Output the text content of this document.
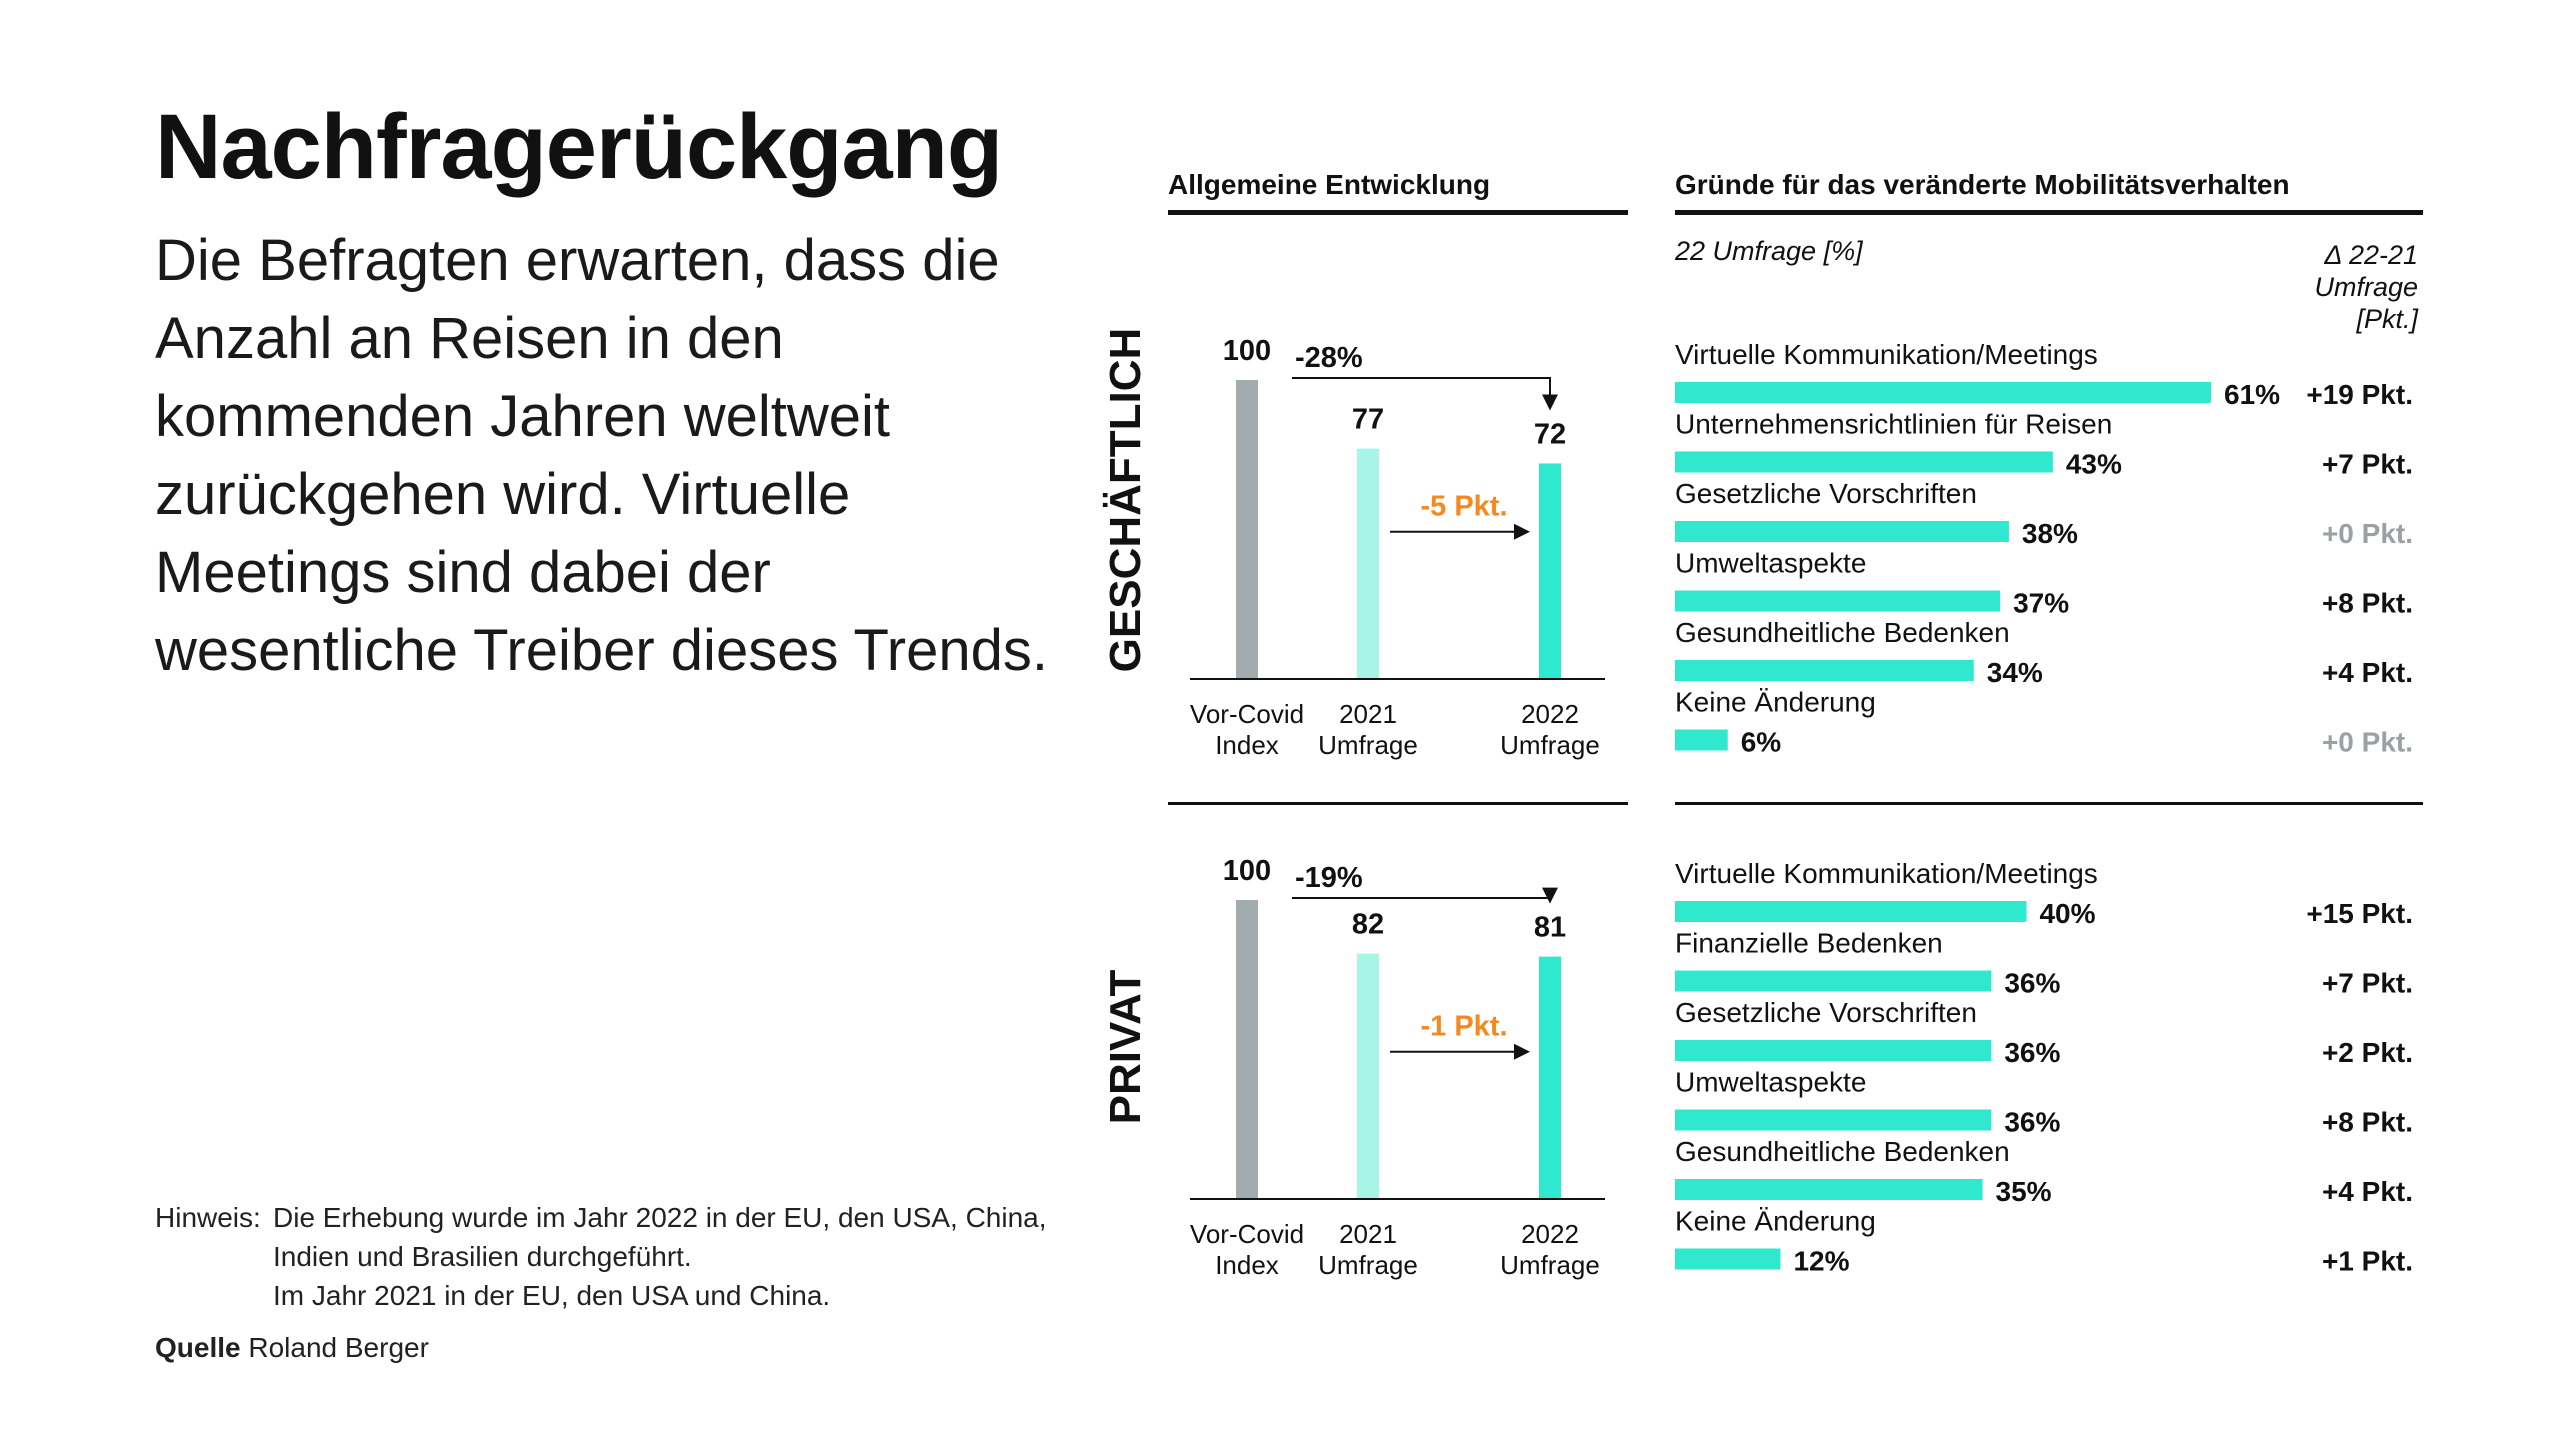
Nachfragerückgang

Die Befragten erwarten, dass die Anzahl an Reisen in den kommenden Jahren weltweit zurückgehen wird. Virtuelle Meetings sind dabei der wesentliche Treiber dieses Trends.

Hinweis: Die Erhebung wurde im Jahr 2022 in der EU, den USA, China,
Indien und Brasilien durchgeführt.
Im Jahr 2021 in der EU, den USA und China.
Quelle Roland Berger
Allgemeine Entwicklung	Gründe für das veränderte Mobilitätsverhalten
22 Umfrage [%]	Δ 22-21
Umfrage
[Pkt.]
GESCHÄFTLICH	100
Vor-Covid
Index
77
2021
Umfrage
72
2022
Umfrage
-28%
-5 Pkt.
PRIVAT
100
Vor-Covid
Index
82
2021
Umfrage
81
2022
Umfrage
-19%
-1 Pkt.
Virtuelle Kommunikation/Meetings
61% +19 Pkt.
Unternehmensrichtlinien für Reisen
43%	+7 Pkt.
Gesetzliche Vorschriften
38%	+0 Pkt.
Umweltaspekte
37%	+8 Pkt.
Gesundheitliche Bedenken
34%	+4 Pkt.
Keine Änderung
6%	+0 Pkt.
Virtuelle Kommunikation/Meetings
40%	+15 Pkt.
Finanzielle Bedenken
36%	+7 Pkt.
Gesetzliche Vorschriften
36%	+2 Pkt.
Umweltaspekte
36%	+8 Pkt.
Gesundheitliche Bedenken
35%	+4 Pkt.
Keine Änderung
12%	+1 Pkt.
